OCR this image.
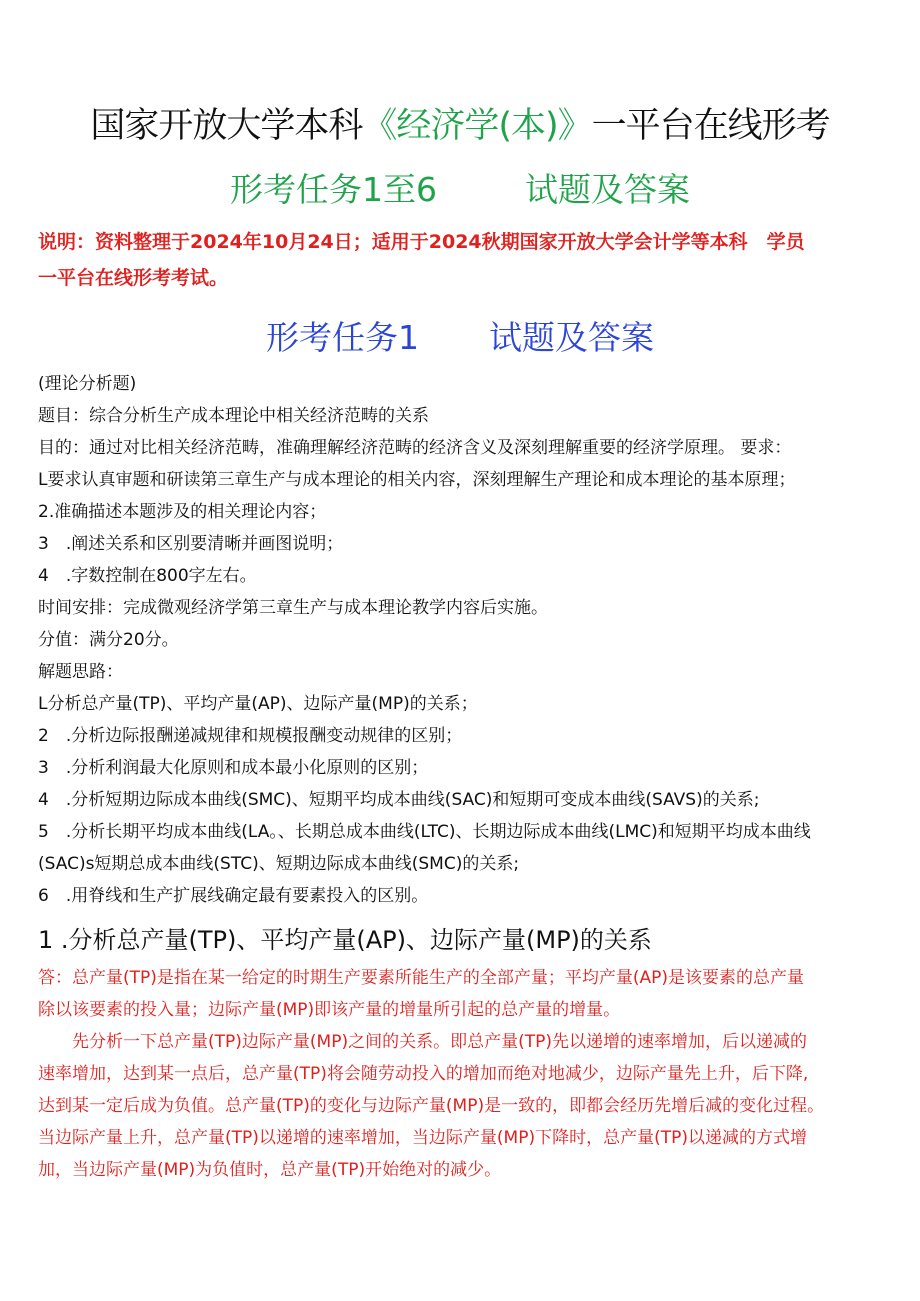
国家开放大学本科《经济学(本)》一平台在线形考
形考任务1至6	试题及答案
说明：资料整理于2024年10月24日；适用于2024秋期国家开放大学会计学等本科　学员
一平台在线形考考试。
形考任务1 试题及答案
(理论分析题)
题目：综合分析生产成本理论中相关经济范畴的关系
目的：通过对比相关经济范畴，准确理解经济范畴的经济含义及深刻理解重要的经济学原理。 要求：
L要求认真审题和研读第三章生产与成本理论的相关内容，深刻理解生产理论和成本理论的基本原理；
2.准确描述本题涉及的相关理论内容；
3　.阐述关系和区别要清晰并画图说明；
4　.字数控制在800字左右。
时间安排：完成微观经济学第三章生产与成本理论教学内容后实施。
分值：满分20分。
解题思路：
L分析总产量(TP)、平均产量(AP)、边际产量(MP)的关系；
2　.分析边际报酬递减规律和规模报酬变动规律的区别；
3　.分析利润最大化原则和成本最小化原则的区别；
4　.分析短期边际成本曲线(SMC)、短期平均成本曲线(SAC)和短期可变成本曲线(SAVS)的关系;
5　.分析长期平均成本曲线(LA。、长期总成本曲线(LTC)、长期边际成本曲线(LMC)和短期平均成本曲线
(SAC)s短期总成本曲线(STC)、短期边际成本曲线(SMC)的关系;
6　.用脊线和生产扩展线确定最有要素投入的区别。
1 .分析总产量(TP)、平均产量(AP)、边际产量(MP)的关系
答：总产量(TP)是指在某一给定的时期生产要素所能生产的全部产量；平均产量(AP)是该要素的总产量
除以该要素的投入量；边际产量(MP)即该产量的增量所引起的总产量的增量。
　　先分析一下总产量(TP)边际产量(MP)之间的关系。即总产量(TP)先以递增的速率增加，后以递减的
速率增加，达到某一点后，总产量(TP)将会随劳动投入的增加而绝对地减少，边际产量先上升，后下降,
达到某一定后成为负值。总产量(TP)的变化与边际产量(MP)是一致的，即都会经历先增后减的变化过程。
当边际产量上升，总产量(TP)以递增的速率增加，当边际产量(MP)下降时，总产量(TP)以递减的方式增
加，当边际产量(MP)为负值时，总产量(TP)开始绝对的减少。
